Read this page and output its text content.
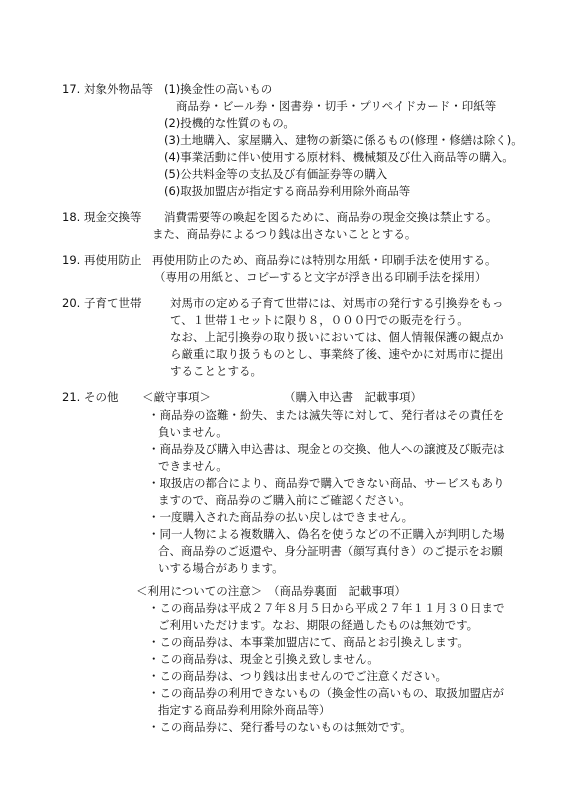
17. 対象外物品等 (1)換金性の高いもの
商品券・ビール券・図書券・切手・プリペイドカード・印紙等
(2)投機的な性質のもの。
(3)土地購入、家屋購入、建物の新築に係るもの(修理・修繕は除く)。
(4)事業活動に伴い使用する原材料、機械類及び仕入商品等の購入。
(5)公共料金等の支払及び有価証券等の購入
(6)取扱加盟店が指定する商品券利用除外商品等
18. 現金交換等 消費需要等の喚起を図るために、商品券の現金交換は禁止する。
また、商品券によるつり銭は出さないこととする。
19. 再使用防止 再使用防止のため、商品券には特別な用紙・印刷手法を使用する。
（専用の用紙と、コピーすると文字が浮き出る印刷手法を採用）
20. 子育て世帯 対馬市の定める子育て世帯には、対馬市の発行する引換券をもっ
て、１世帯１セットに限り８，０００円での販売を行う。
なお、上記引換券の取り扱いにおいては、個人情報保護の観点か
ら厳重に取り扱うものとし、事業終了後、速やかに対馬市に提出
することとする。
21. その他 ＜厳守事項＞	（購入申込書　記載事項）
・商品券の盗難・紛失、または滅失等に対して、発行者はその責任を
負いません。
・商品券及び購入申込書は、現金との交換、他人への譲渡及び販売は
できません。
・取扱店の都合により、商品券で購入できない商品、サービスもあり
ますので、商品券のご購入前にご確認ください。
・一度購入された商品券の払い戻しはできません。
・同一人物による複数購入、偽名を使うなどの不正購入が判明した場
合、商品券のご返還や、身分証明書（顔写真付き）のご提示をお願
いする場合があります。
＜利用についての注意＞　（商品券裏面　記載事項）
・この商品券は平成２７年８月５日から平成２７年１１月３０日まで
ご利用いただけます。なお、期限の経過したものは無効です。
・この商品券は、本事業加盟店にて、商品とお引換えします。
・この商品券は、現金と引換え致しません。
・この商品券は、つり銭は出ませんのでご注意ください。
・この商品券の利用できないもの（換金性の高いもの、取扱加盟店が
指定する商品券利用除外商品等）
・この商品券に、発行番号のないものは無効です。
